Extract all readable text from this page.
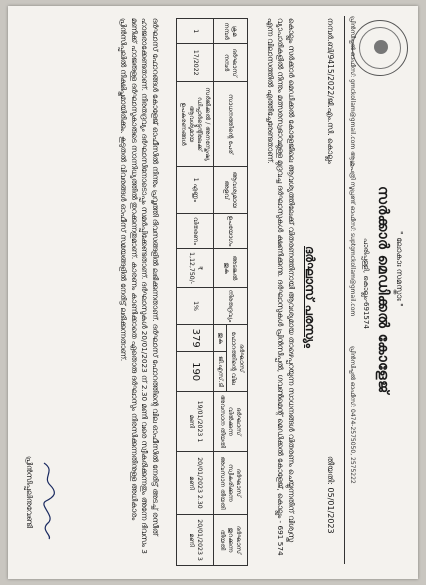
" ലോകാഃ സമസ്താഃ "
സർക്കാർ മെഡിക്കൽ കോളേജ്
പാരിപ്പള്ളി, കൊല്ലം-691574
പ്രിൻസിപ്പൽ ഓഫീസ്: gmckollam@gmail.com ആശുപത്രി സൂപ്രണ്ട് ഓഫീസ്: suptgmckollam@gmail.com
പ്രിൻസിപ്പൽ ഓഫീസ്: 0474-2575050, 2575222
നമ്പർ.ബി/9415/2022/ജി.എം.സി. കൊല്ലം
തീയതി: 05/01/2023
ദർഘാസ് പരസ്യം
കൊല്ലം സർക്കാർ മെഡിക്കൽ കോളേജിലെ ആവശ്യത്തിലേക്ക് വിതരണത്തിനായി ആവശ്യമായ താഴെപ്പറയുന്ന സാധനങ്ങൾ വിതരണം ചെയ്യുന്നതിന് വിശ്വസ്ത വ്യാപാരികളിൽ നിന്നും മത്സരസ്വഭാവമുള്ള മുദ്രവച്ച ദർഘാസുകൾ ക്ഷണിക്കുന്നു. ദർഘാസുകൾ പ്രിൻസിപ്പൽ, ഗവൺമെന്റ് മെഡിക്കൽ കോളേജ്, കൊല്ലം - 691 574 എന്ന വിലാസത്തിൽ എത്തിച്ചേരേണ്ടതാണ്.
ക്രമ നമ്പർ	ദർഘാസ് നമ്പർ	സാധനത്തിന്റെ പേര്	ആവശ്യമായ അളവ്	ഉപയോഗം	അടങ്കൽ തുക	നിരതദ്രവ്യം	ദർഘാസ് ഫോറത്തിന്റെ വില		ദർഘാസ് വിൽക്കുന്ന അവസാന തീയതി	ദർഘാസ് സ്വീകരിക്കുന്ന അവസാന തീയതി	ദർഘാസ് തുറക്കുന്ന തീയതി
							തുക	ജി.എസ്.ടി			
1	17/2022	സർജിക്കൽ / അനസ്തേഷ്യ ഡിപ്പാർട്ട്മെന്റിലേക്ക് ആവശ്യമായ ഉപകരണങ്ങൾ	1 എണ്ണം	വിതരണം	₹ 1,12,750/-	1%	379	190	19/01/2023 1 മണി	20/01/2023 2.30 മണി	20/01/2023 3 മണി
ദർഘാസ് ഫോറങ്ങൾ കോളേജ് ഓഫീസിൽ നിന്നും പ്രവൃത്തി ദിവസങ്ങളിൽ ലഭിക്കുന്നതാണ്. ദർഘാസ് ഫോറത്തിന്റെ വില ഓഫീസിൽ നേരിട്ട് അടച്ച് രസീത് ഹാജരാക്കേണ്ടതാണ്. നിരതദ്രവ്യം ദർഘാസിനോടൊപ്പം സമർപ്പിക്കേണ്ടതാണ്. ദർഘാസുകൾ 20/01/2023 ന് 2.30 മണി വരെ സ്വീകരിക്കുന്നതും അന്നേ ദിവസം 3 മണിക്ക് ഹാജരുള്ള ദർഘാസുകാരുടെ സാന്നിധ്യത്തിൽ തുറക്കുന്നതുമാണ്. കാരണം കാണിക്കാതെ ഏതൊരു ദർഘാസും നിരസിക്കുന്നതിനുള്ള അധികാരം പ്രിൻസിപ്പലിൽ നിക്ഷിപ്തമായിരിക്കും. കൂടുതൽ വിവരങ്ങൾ ഓഫീസ് സമയങ്ങളിൽ നേരിട്ട് ലഭിക്കുന്നതാണ്.
പ്രിൻസിപ്പലിനുവേണ്ടി
